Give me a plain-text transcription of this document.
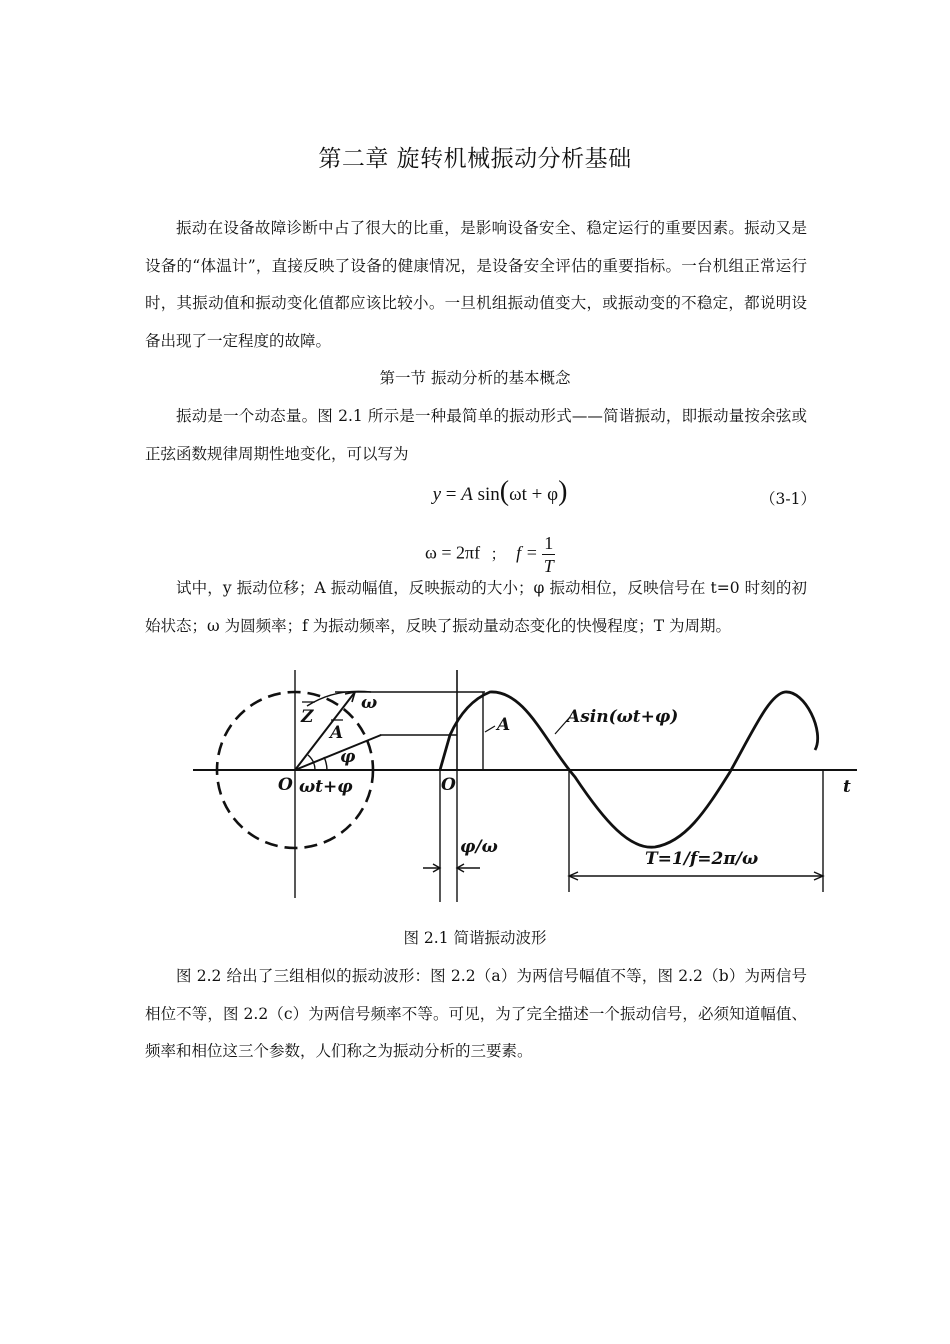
第二章 旋转机械振动分析基础

振动在设备故障诊断中占了很大的比重，是影响设备安全、稳定运行的重要因素。振动又是设备的“体温计”，直接反映了设备的健康情况，是设备安全评估的重要指标。一台机组正常运行时，其振动值和振动变化值都应该比较小。一旦机组振动值变大，或振动变的不稳定，都说明设备出现了一定程度的故障。

第一节 振动分析的基本概念

振动是一个动态量。图 2.1 所示是一种最简单的振动形式——简谐振动，即振动量按余弦或正弦函数规律周期性地变化，可以写为

y = A sin(ωt + φ)	（3-1）
ω = 2πf ； $f = \frac{1}{T}$

试中，y 振动位移；A 振动幅值，反映振动的大小；φ 振动相位，反映信号在 t=0 时刻的初始状态；ω 为圆频率；f 为振动频率，反映了振动量动态变化的快慢程度；T 为周期。

Z
A
ω
φ
O ωt+φ	O
A	Asin(ωt+φ)
t
φ/ω
T=1/f=2π/ω
图 2.1 简谐振动波形

图 2.2 给出了三组相似的振动波形：图 2.2（a）为两信号幅值不等，图 2.2（b）为两信号相位不等，图 2.2（c）为两信号频率不等。可见，为了完全描述一个振动信号，必须知道幅值、频率和相位这三个参数，人们称之为振动分析的三要素。
